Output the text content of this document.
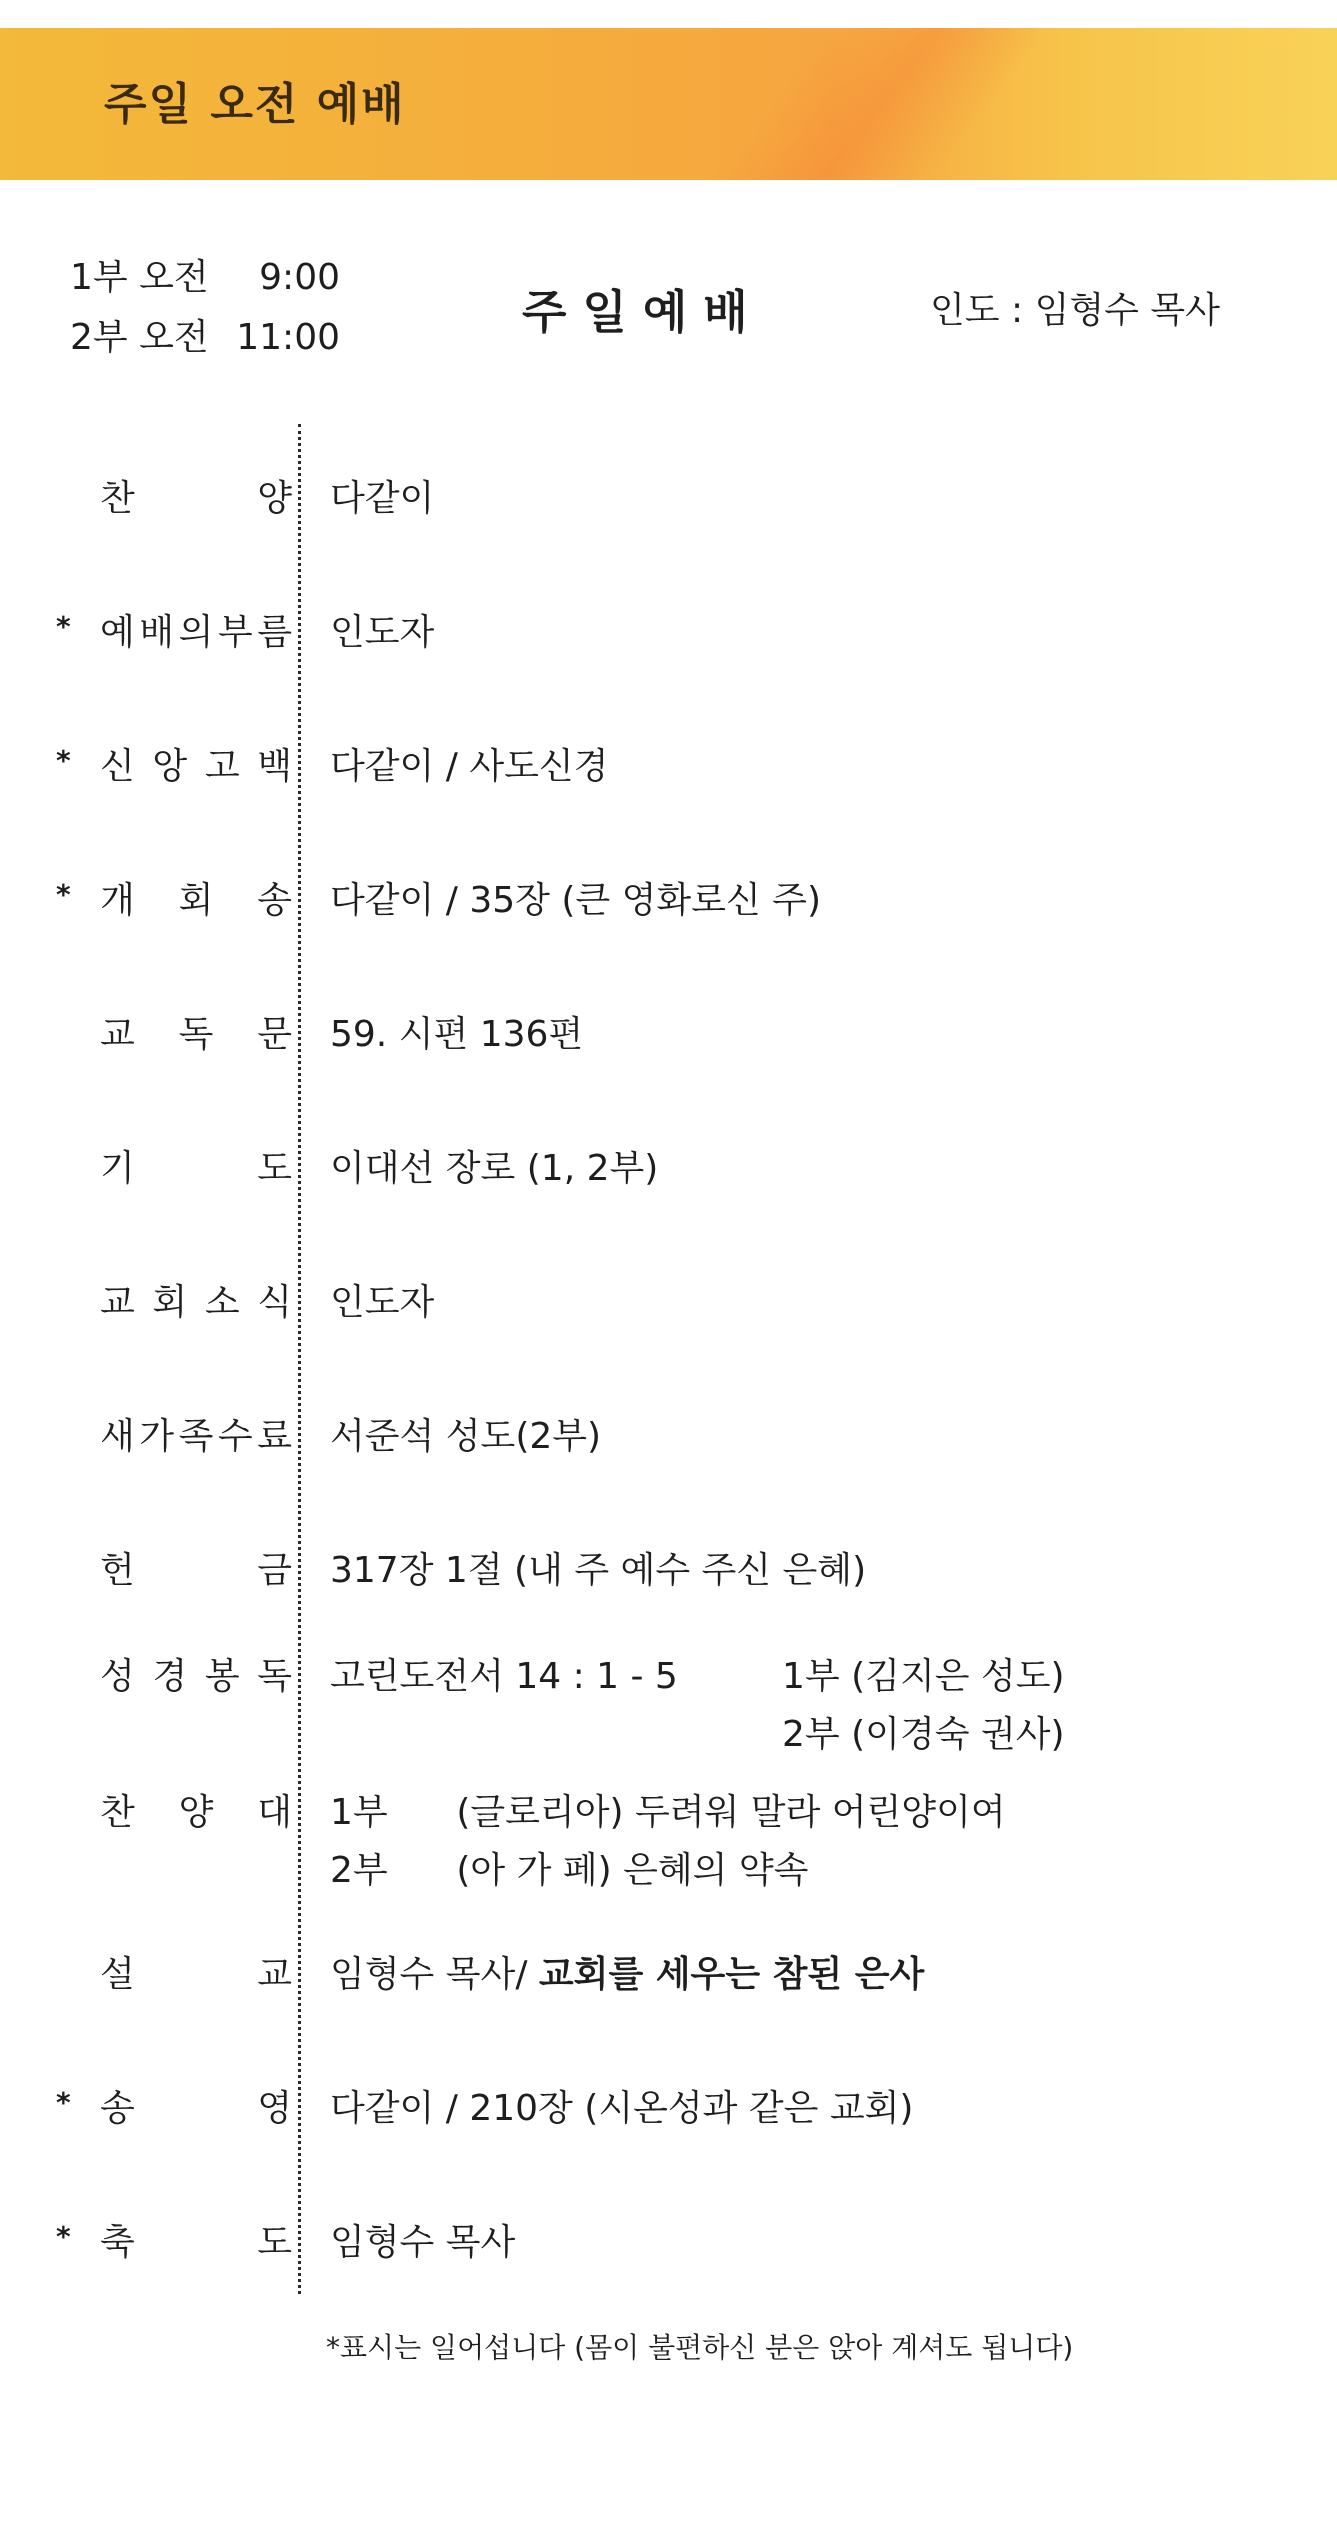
주일 오전 예배
1부 오전 9:00
2부 오전 11:00	주일예배	인도 : 임형수 목사
찬	양 다같이
* 예 배 의 부 름 인도자
* 신 앙 고 백 다같이 / 사도신경
* 개 회 송 다같이 / 35장 (큰 영화로신 주)
교 독 문 59. 시편 136편
기	도 이대선 장로 (1, 2부)
교 회 소 식 인도자
새 가 족 수 료 서준석 성도(2부)
헌	금 317장 1절 (내 주 예수 주신 은혜)
성 경 봉 독 고린도전서 14 : 1 - 5	1부 (김지은 성도)
2부 (이경숙 권사)
찬 양 대 1부      (글로리아) 두려워 말라 어린양이여
2부      (아 가 페) 은혜의 약속
설	교 임형수 목사/ 교회를 세우는 참된 은사
* 송	영 다같이 / 210장 (시온성과 같은 교회)
* 축	도 임형수 목사
*표시는 일어섭니다 (몸이 불편하신 분은 앉아 계셔도 됩니다)
